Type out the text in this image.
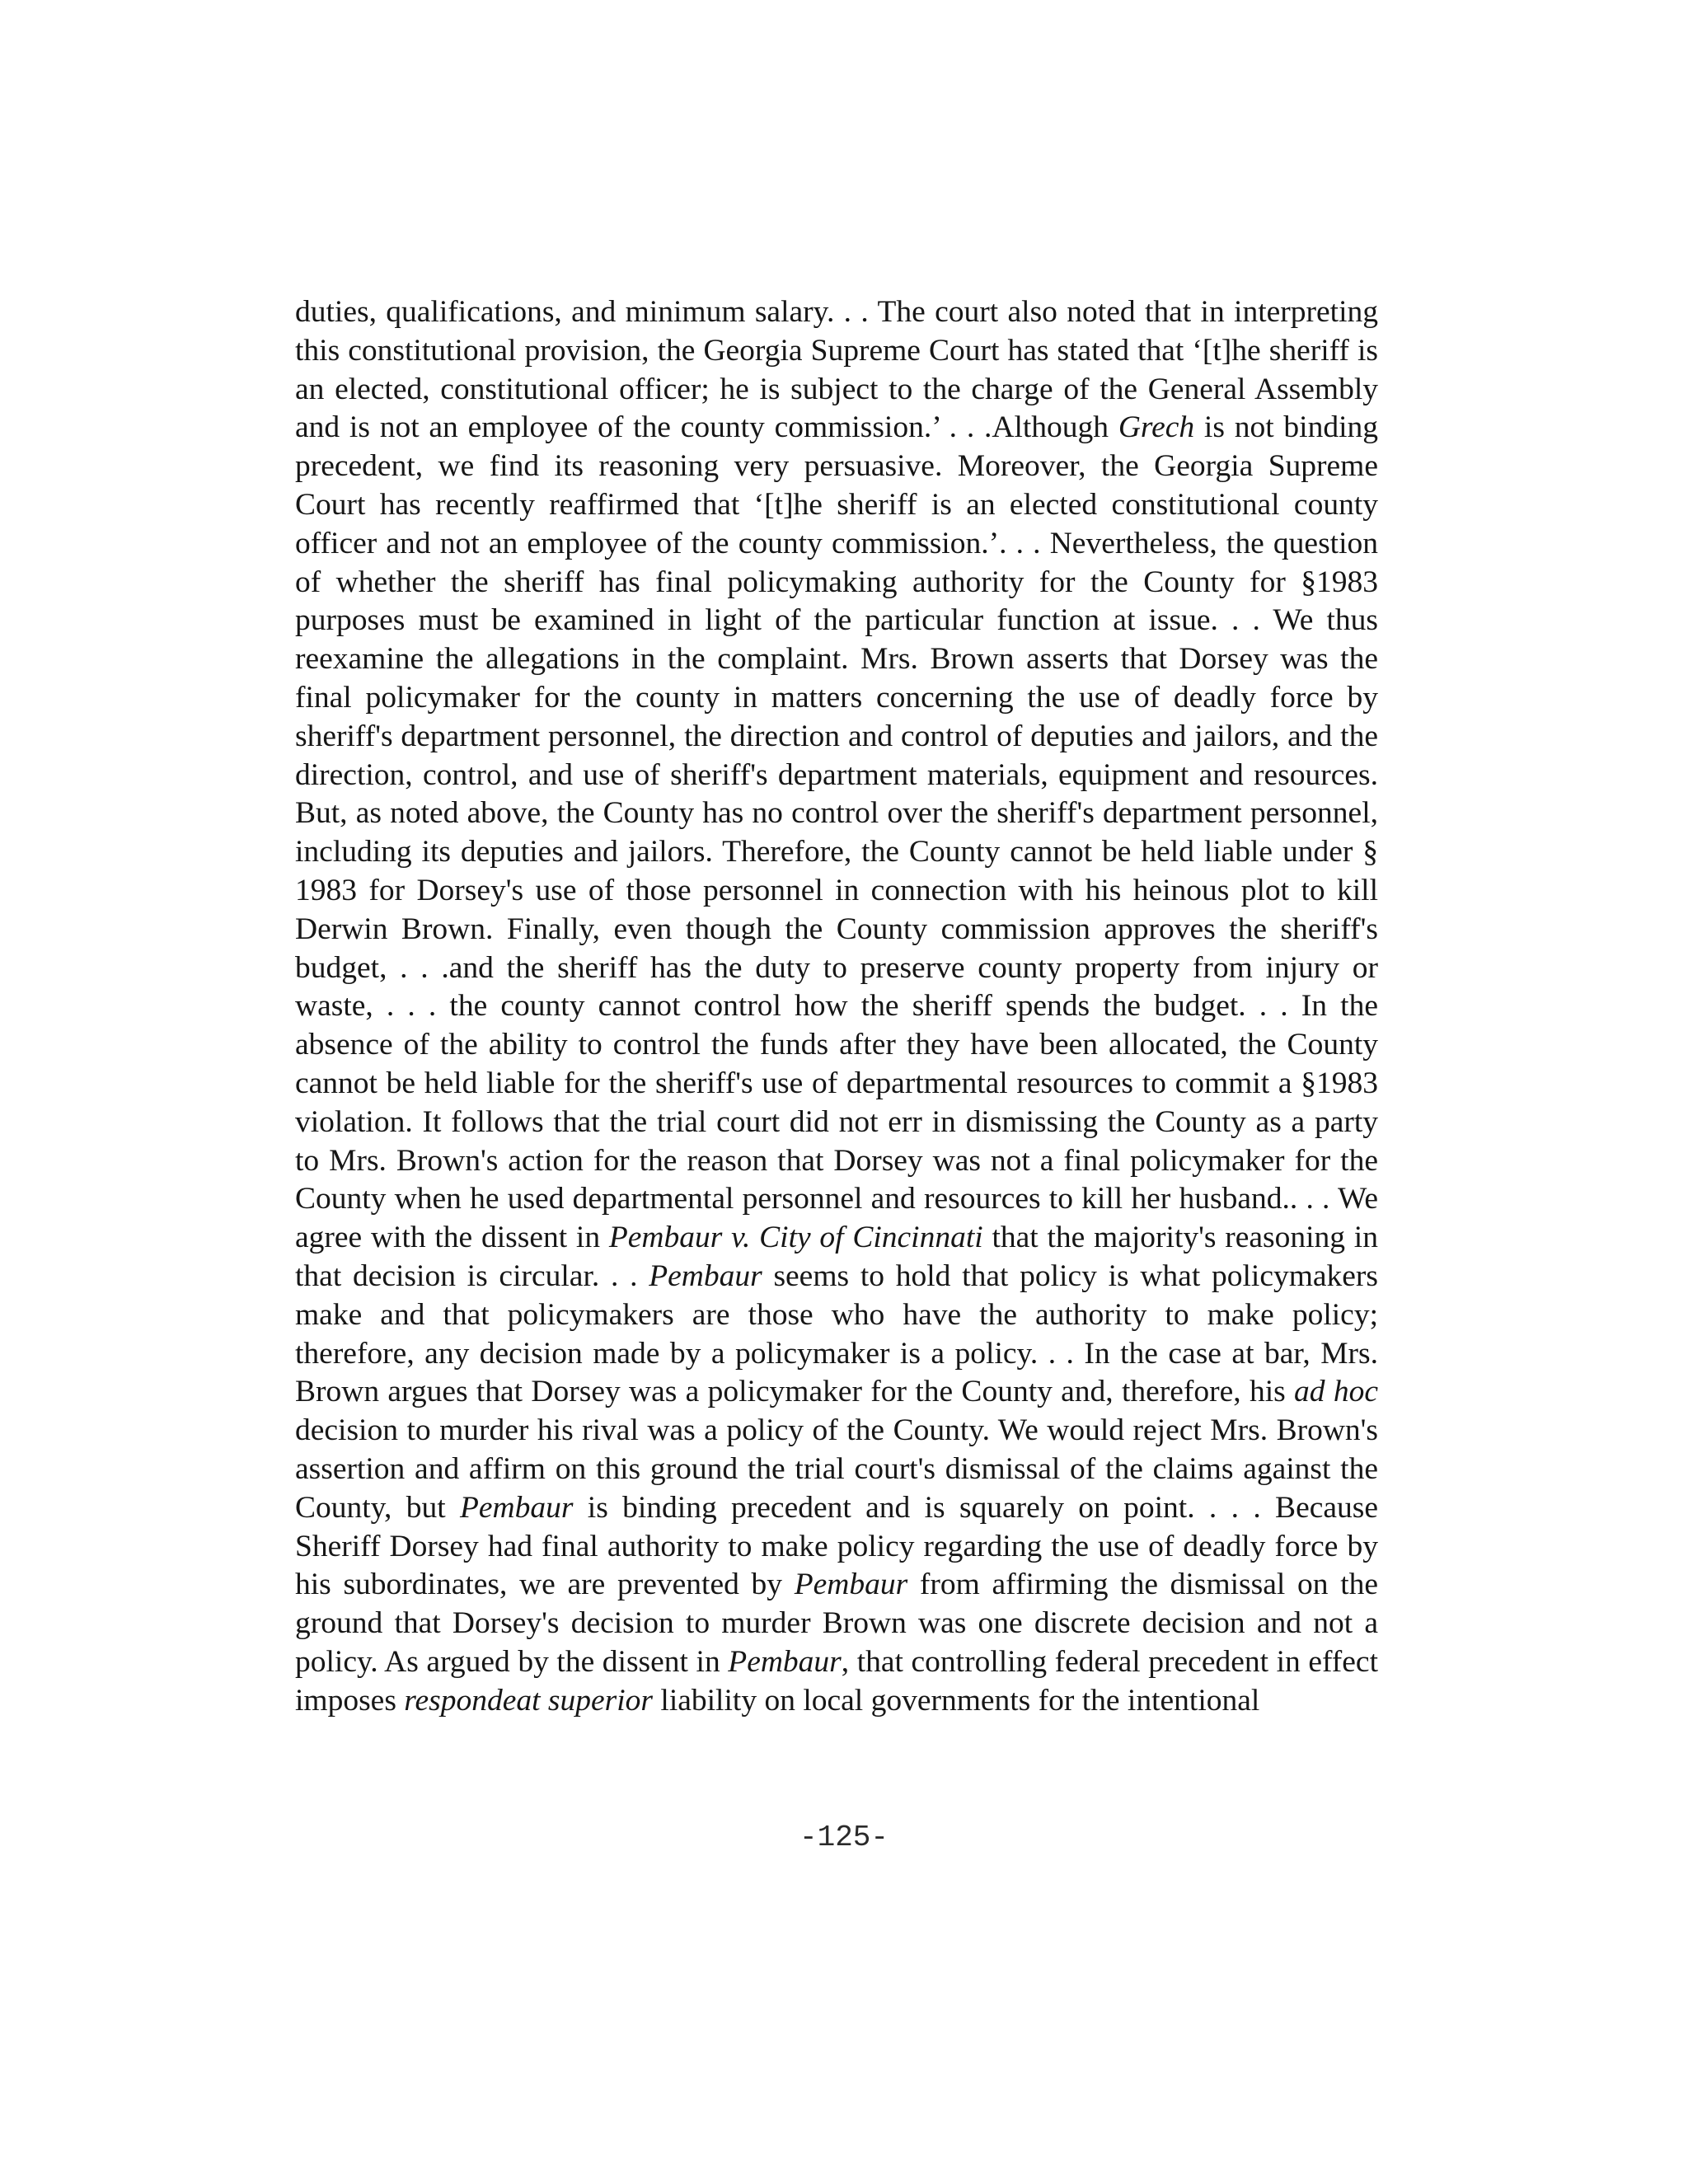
duties, qualifications, and minimum salary. . . The court also noted that in interpreting this constitutional provision, the Georgia Supreme Court has stated that ‘[t]he sheriff is an elected, constitutional officer; he is subject to the charge of the General Assembly and is not an employee of the county commission.’ . . .Although Grech is not binding precedent, we find its reasoning very persuasive. Moreover, the Georgia Supreme Court has recently reaffirmed that ‘[t]he sheriff is an elected constitutional county officer and not an employee of the county commission.’. . . Nevertheless, the question of whether the sheriff has final policymaking authority for the County for §1983 purposes must be examined in light of the particular function at issue. . . We thus reexamine the allegations in the complaint. Mrs. Brown asserts that Dorsey was the final policymaker for the county in matters concerning the use of deadly force by sheriff's department personnel, the direction and control of deputies and jailors, and the direction, control, and use of sheriff's department materials, equipment and resources. But, as noted above, the County has no control over the sheriff's department personnel, including its deputies and jailors. Therefore, the County cannot be held liable under § 1983 for Dorsey's use of those personnel in connection with his heinous plot to kill Derwin Brown. Finally, even though the County commission approves the sheriff's budget, . . .and the sheriff has the duty to preserve county property from injury or waste, . . . the county cannot control how the sheriff spends the budget. . . In the absence of the ability to control the funds after they have been allocated, the County cannot be held liable for the sheriff's use of departmental resources to commit a §1983 violation. It follows that the trial court did not err in dismissing the County as a party to Mrs. Brown's action for the reason that Dorsey was not a final policymaker for the County when he used departmental personnel and resources to kill her husband.. . . We agree with the dissent in Pembaur v. City of Cincinnati that the majority's reasoning in that decision is circular. . . Pembaur seems to hold that policy is what policymakers make and that policymakers are those who have the authority to make policy; therefore, any decision made by a policymaker is a policy. . . In the case at bar, Mrs. Brown argues that Dorsey was a policymaker for the County and, therefore, his ad hoc decision to murder his rival was a policy of the County. We would reject Mrs. Brown's assertion and affirm on this ground the trial court's dismissal of the claims against the County, but Pembaur is binding precedent and is squarely on point. . . . Because Sheriff Dorsey had final authority to make policy regarding the use of deadly force by his subordinates, we are prevented by Pembaur from affirming the dismissal on the ground that Dorsey's decision to murder Brown was one discrete decision and not a policy. As argued by the dissent in Pembaur, that controlling federal precedent in effect imposes respondeat superior liability on local governments for the intentional

-125-
